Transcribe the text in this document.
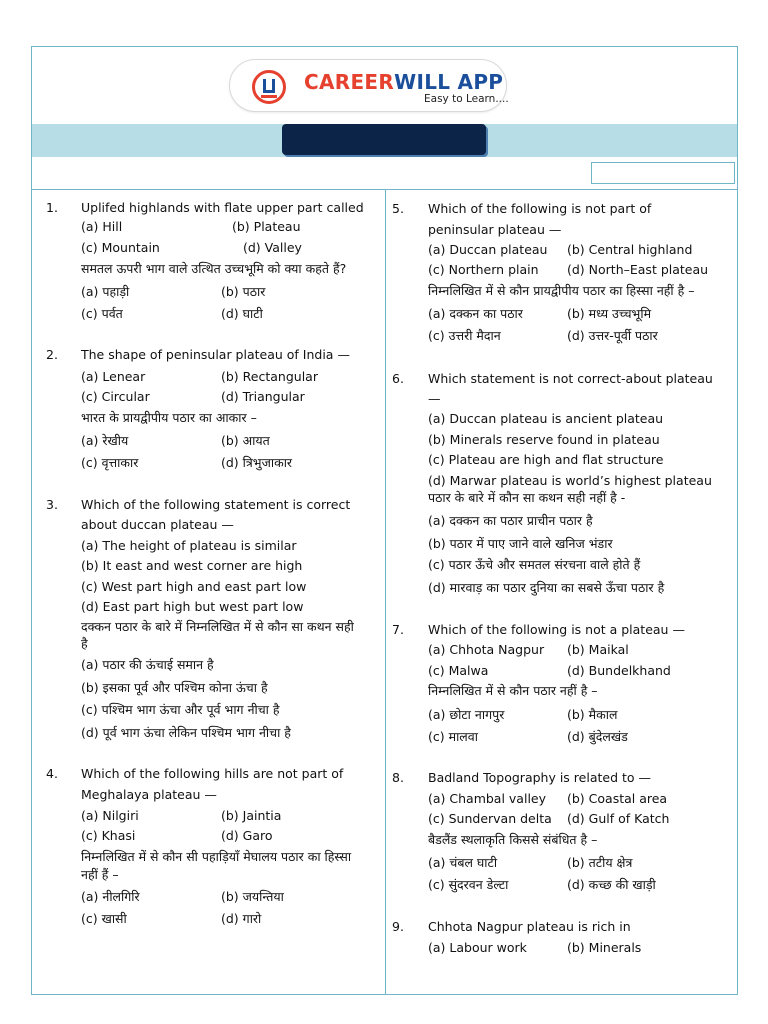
CAREERWILL APP
Easy to Learn....
1. Uplifed highlands with flate upper part called
(a) Hill	(b) Plateau
(c) Mountain	(d) Valley
समतल ऊपरी भाग वाले उत्थित उच्चभूमि को क्या कहते हैं?
(a) पहाड़ी	(b) पठार
(c) पर्वत	(d) घाटी
2. The shape of peninsular plateau of India —
(a) Lenear	(b) Rectangular
(c) Circular	(d) Triangular
भारत के प्रायद्वीपीय पठार का आकार –
(a) रेखीय	(b) आयत
(c) वृत्ताकार	(d) त्रिभुजाकार
3. Which of the following statement is correct
about duccan plateau —
(a) The height of plateau is similar
(b) It east and west corner are high
(c) West part high and east part low
(d) East part high but west part low
दक्कन पठार के बारे में निम्नलिखित में से कौन सा कथन सही
है
(a) पठार की ऊंचाई समान है
(b) इसका पूर्व और पश्चिम कोना ऊंचा है
(c) पश्चिम भाग ऊंचा और पूर्व भाग नीचा है
(d) पूर्व भाग ऊंचा लेकिन पश्चिम भाग नीचा है
4. Which of the following hills are not part of
Meghalaya plateau —
(a) Nilgiri	(b) Jaintia
(c) Khasi	(d) Garo
निम्नलिखित में से कौन सी पहाड़ियाँ मेघालय पठार का हिस्सा
नहीं हैं –
(a) नीलगिरि	(b) जयन्तिया
(c) खासी	(d) गारो
5. Which of the following is not part of
peninsular plateau —
(a) Duccan plateau (b) Central highland
(c) Northern plain (d) North–East plateau
निम्नलिखित में से कौन प्रायद्वीपीय पठार का हिस्सा नहीं है –
(a) दक्कन का पठार	(b) मध्य उच्चभूमि
(c) उत्तरी मैदान	(d) उत्तर-पूर्वी पठार
6. Which statement is not correct-about plateau
—
(a) Duccan plateau is ancient plateau
(b) Minerals reserve found in plateau
(c) Plateau are high and flat structure
(d) Marwar plateau is world’s highest plateau
पठार के बारे में कौन सा कथन सही नहीं है -
(a) दक्कन का पठार प्राचीन पठार है
(b) पठार में पाए जाने वाले खनिज भंडार
(c) पठार ऊँचे और समतल संरचना वाले होते हैं
(d) मारवाड़ का पठार दुनिया का सबसे ऊँचा पठार है
7. Which of the following is not a plateau —
(a) Chhota Nagpur (b) Maikal
(c) Malwa	(d) Bundelkhand
निम्नलिखित में से कौन पठार नहीं है –
(a) छोटा नागपुर	(b) मैकाल
(c) मालवा	(d) बुंदेलखंड
8. Badland Topography is related to —
(a) Chambal valley (b) Coastal area
(c) Sundervan delta (d) Gulf of Katch
बैडलैंड स्थलाकृति किससे संबंधित है –
(a) चंबल घाटी	(b) तटीय क्षेत्र
(c) सुंदरवन डेल्टा	(d) कच्छ की खाड़ी
9. Chhota Nagpur plateau is rich in
(a) Labour work	(b) Minerals
